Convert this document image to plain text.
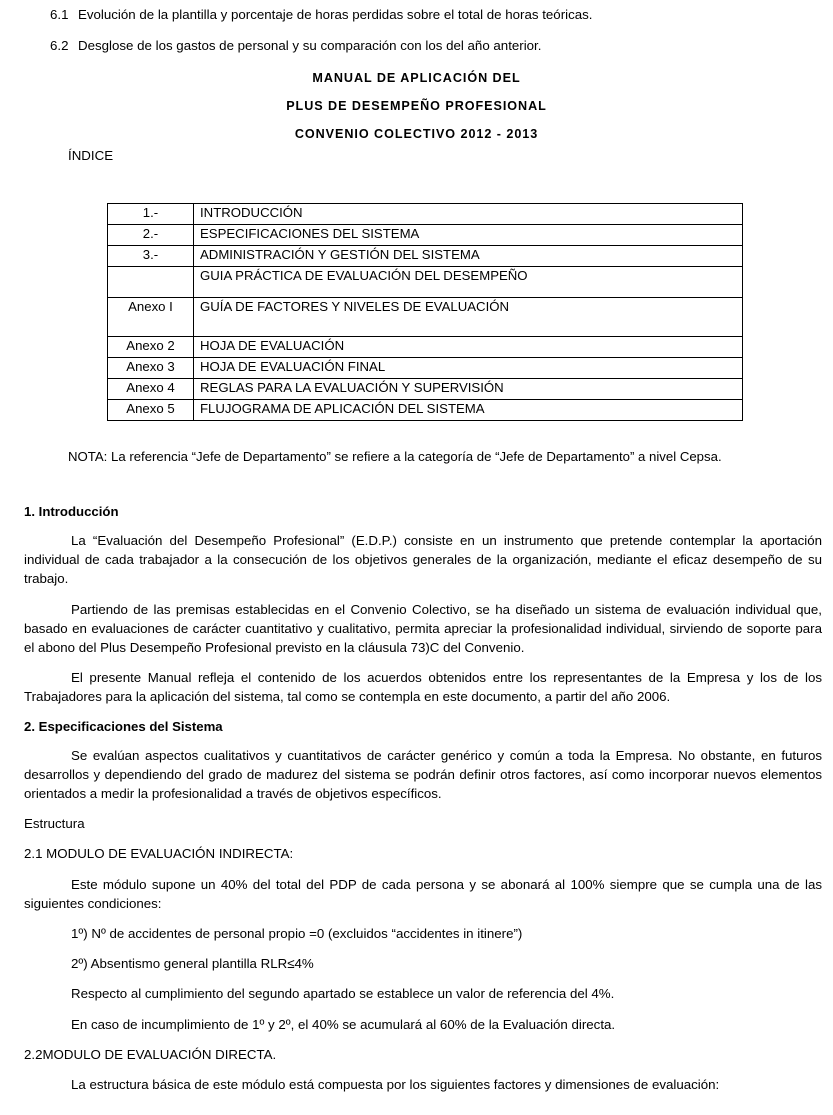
6.1 Evolución de la plantilla y porcentaje de horas perdidas sobre el total de horas teóricas.
6.2 Desglose de los gastos de personal y su comparación con los del año anterior.
MANUAL DE APLICACIÓN DEL
PLUS DE DESEMPEÑO PROFESIONAL
CONVENIO COLECTIVO 2012 - 2013
ÍNDICE
1.-	INTRODUCCIÓN
2.-	ESPECIFICACIONES DEL SISTEMA
3.-	ADMINISTRACIÓN Y GESTIÓN DEL SISTEMA
	GUIA PRÁCTICA DE EVALUACIÓN DEL DESEMPEÑO
Anexo I	GUÍA DE FACTORES Y NIVELES DE EVALUACIÓN
Anexo 2	HOJA DE EVALUACIÓN
Anexo 3	HOJA DE EVALUACIÓN FINAL
Anexo 4	REGLAS PARA LA EVALUACIÓN Y SUPERVISIÓN
Anexo 5	FLUJOGRAMA DE APLICACIÓN DEL SISTEMA
NOTA: La referencia “Jefe de Departamento” se refiere a la categoría de “Jefe de Departamento” a nivel Cepsa.
1. Introducción

La “Evaluación del Desempeño Profesional” (E.D.P.) consiste en un instrumento que pretende contemplar la aportación individual de cada trabajador a la consecución de los objetivos generales de la organización, mediante el eficaz desempeño de su trabajo.

Partiendo de las premisas establecidas en el Convenio Colectivo, se ha diseñado un sistema de evaluación individual que, basado en evaluaciones de carácter cuantitativo y cualitativo, permita apreciar la profesionalidad individual, sirviendo de soporte para el abono del Plus Desempeño Profesional previsto en la cláusula 73)C del Convenio.

El presente Manual refleja el contenido de los acuerdos obtenidos entre los representantes de la Empresa y los de los Trabajadores para la aplicación del sistema, tal como se contempla en este documento, a partir del año 2006.

2. Especificaciones del Sistema

Se evalúan aspectos cualitativos y cuantitativos de carácter genérico y común a toda la Empresa. No obstante, en futuros desarrollos y dependiendo del grado de madurez del sistema se podrán definir otros factores, así como incorporar nuevos elementos orientados a medir la profesionalidad a través de objetivos específicos.

Estructura

2.1 MODULO DE EVALUACIÓN INDIRECTA:

Este módulo supone un 40% del total del PDP de cada persona y se abonará al 100% siempre que se cumpla una de las siguientes condiciones:

1º) Nº de accidentes de personal propio =0 (excluidos “accidentes in itinere”)

2º) Absentismo general plantilla RLR≤4%

Respecto al cumplimiento del segundo apartado se establece un valor de referencia del 4%.

En caso de incumplimiento de 1º y 2º, el 40% se acumulará al 60% de la Evaluación directa.

2.2MODULO DE EVALUACIÓN DIRECTA.

La estructura básica de este módulo está compuesta por los siguientes factores y dimensiones de evaluación:
